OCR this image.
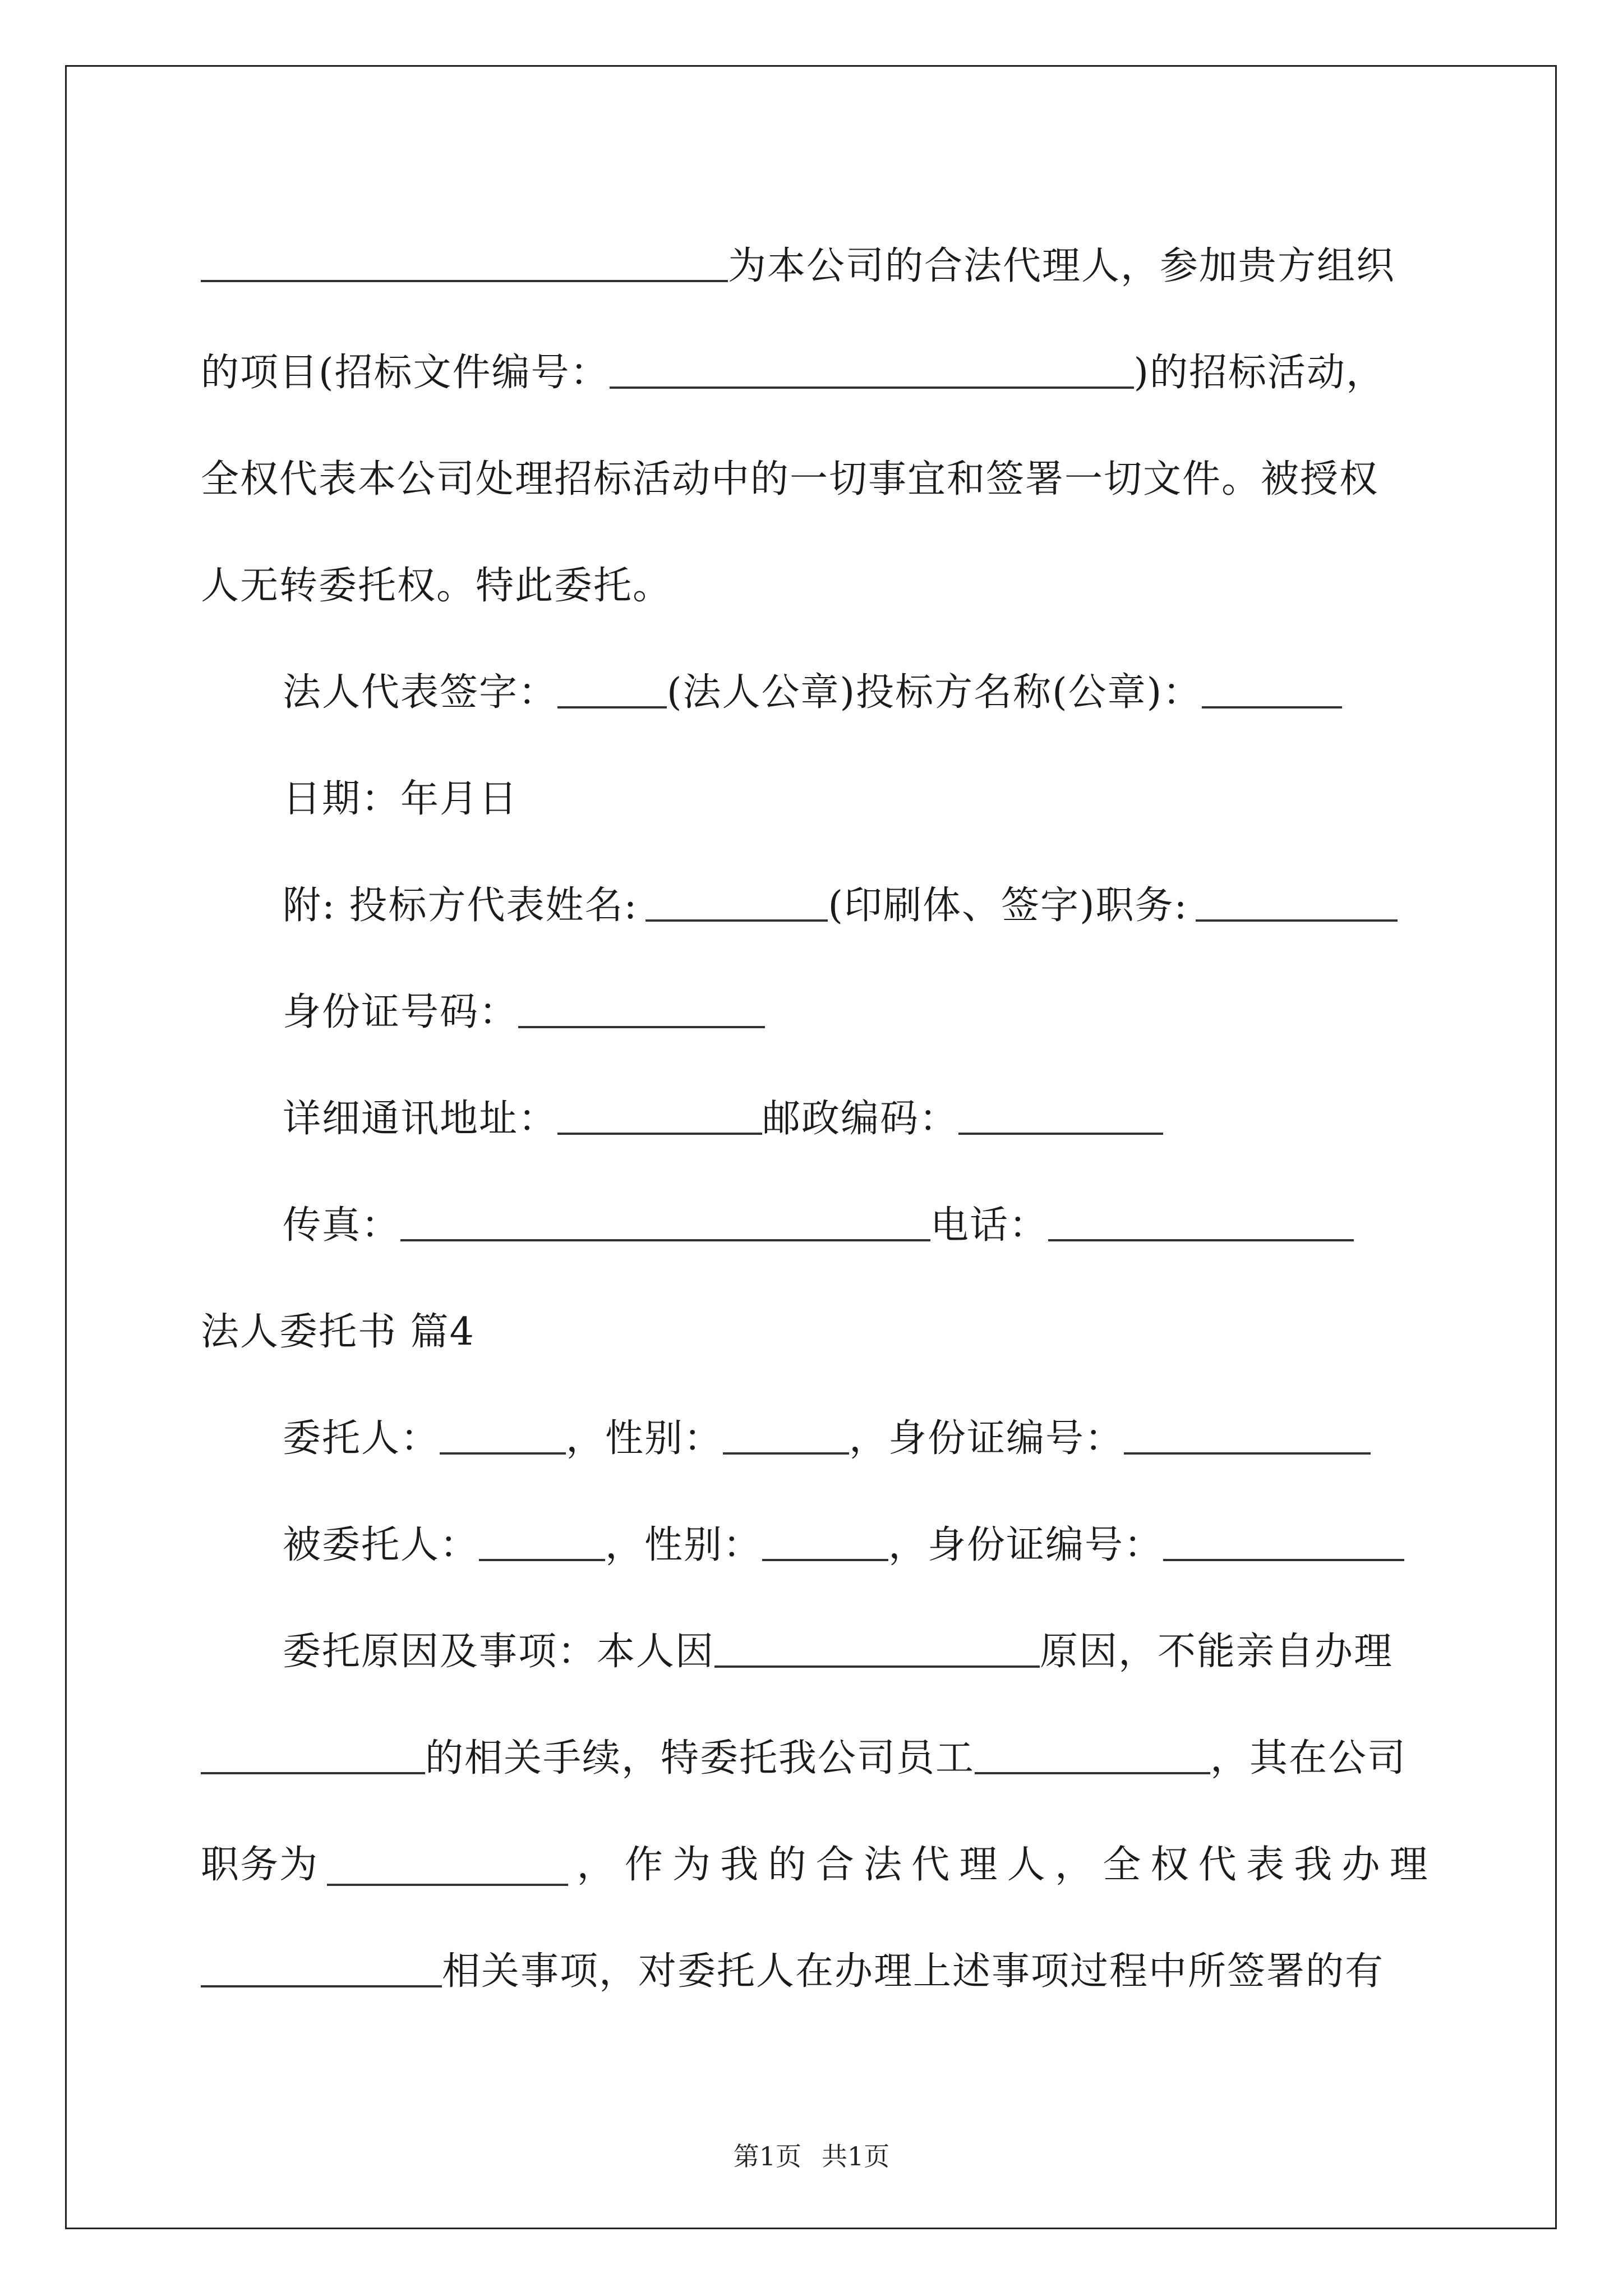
为本公司的合法代理人，参加贵方组织
的项目(招标文件编号：	)的招标活动，
全权代表本公司处理招标活动中的一切事宜和签署一切文件。被授权
人无转委托权。特此委托。
法人代表签字：	(法人公章)投标方名称(公章)：
日期：年月日
附: 投标方代表姓名:	(印刷体、签字)职务:
身份证号码：
详细通讯地址：	邮政编码：
传真：	电话：
法人委托书 篇4
委托人：	，性别：	，身份证编号：
被委托人：	，性别：	，身份证编号：
委托原因及事项：本人因	原因，不能亲自办理
的相关手续，特委托我公司员工	，其在公司
职务为	， 作 为 我 的 合 法 代 理 人 ， 全 权 代 表 我 办 理
相关事项，对委托人在办理上述事项过程中所签署的有
第1页 共1页
